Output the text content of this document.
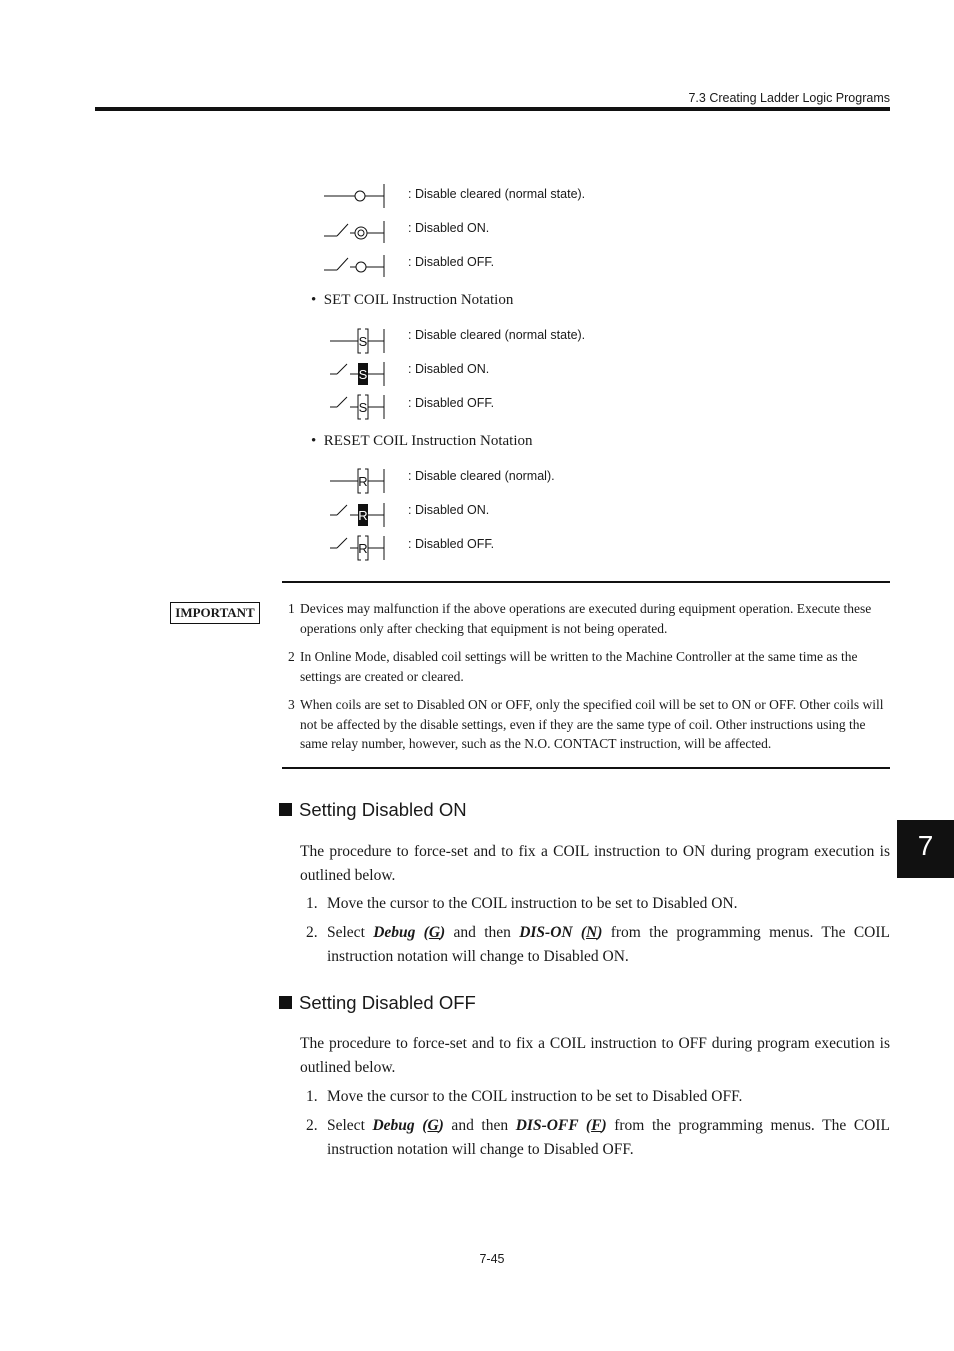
7.3 Creating Ladder Logic Programs
: Disable cleared (normal state).
: Disabled ON.
: Disabled OFF.
•  SET COIL Instruction Notation
S	: Disable cleared (normal state).
S	: Disabled ON.
S	: Disabled OFF.
•  RESET COIL Instruction Notation
R	: Disable cleared (normal).
R	: Disabled ON.
R	: Disabled OFF.
IMPORTANT	1 Devices may malfunction if the above operations are executed during equipment operation. Execute these operations only after checking that equipment is not being operated.
2 In Online Mode, disabled coil settings will be written to the Machine Controller at the same time as the settings are created or cleared.
3 When coils are set to Disabled ON or OFF, only the specified coil will be set to ON or OFF. Other coils will not be affected by the disable settings, even if they are the same type of coil. Other instructions using the same relay number, however, such as the N.O. CONTACT instruction, will be affected.
Setting Disabled ON
The procedure to force-set and to fix a COIL instruction to ON during program execution is outlined below.
1. Move the cursor to the COIL instruction to be set to Disabled ON.
2. Select Debug (G) and then DIS-ON (N) from the programming menus. The COIL instruction notation will change to Disabled ON.
Setting Disabled OFF
The procedure to force-set and to fix a COIL instruction to OFF during program execution is outlined below.
1. Move the cursor to the COIL instruction to be set to Disabled OFF.
2. Select Debug (G) and then DIS-OFF (F) from the programming menus. The COIL instruction notation will change to Disabled OFF.
7
7-45
